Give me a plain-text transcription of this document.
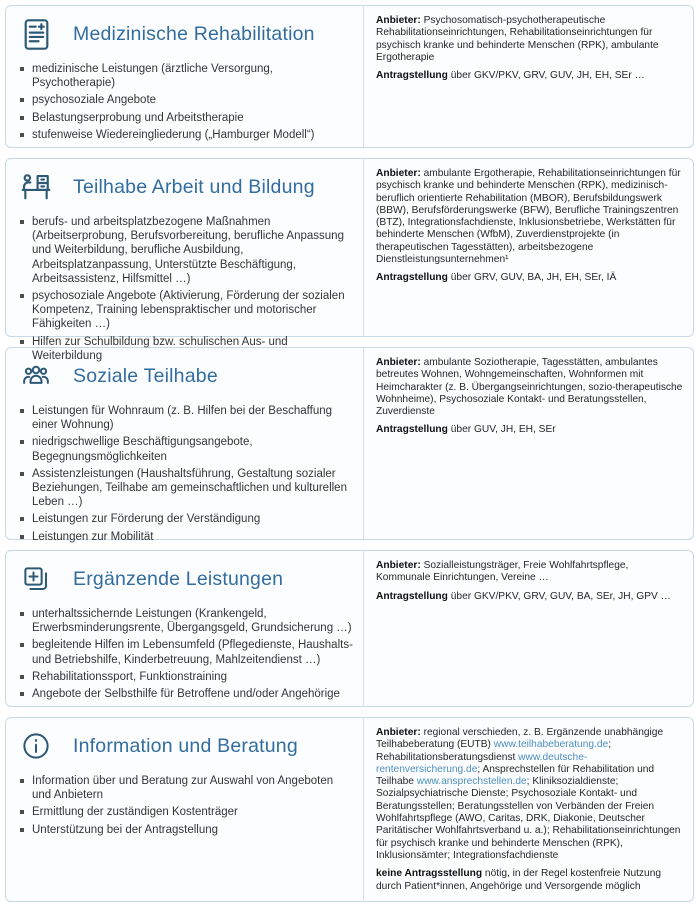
Medizinische Rehabilitation
medizinische Leistungen (ärztliche Versorgung, Psychotherapie)
psychosoziale Angebote
Belastungserprobung und Arbeitstherapie
stufenweise Wiedereingliederung („Hamburger Modell“)

Anbieter: Psychosomatisch-psychotherapeutische Rehabilitationseinrichtungen, Rehabilitationseinrichtungen für psychisch kranke und behinderte Menschen (RPK), ambulante Ergotherapie

Antragstellung über GKV/PKV, GRV, GUV, JH, EH, SEr …

Teilhabe Arbeit und Bildung
berufs- und arbeitsplatzbezogene Maßnahmen (Arbeitserprobung, Berufsvorbereitung, berufliche Anpassung und Weiterbildung, berufliche Ausbildung, Arbeitsplatzanpassung, Unterstützte Beschäftigung, Arbeitsassistenz, Hilfsmittel …)
psychosoziale Angebote (Aktivierung, Förderung der sozialen Kompetenz, Training lebenspraktischer und motorischer Fähigkeiten …)
Hilfen zur Schulbildung bzw. schulischen Aus- und Weiterbildung

Anbieter: ambulante Ergotherapie, Rehabilitationseinrichtungen für psychisch kranke und behinderte Menschen (RPK), medizinisch-beruflich orientierte Rehabilitation (MBOR), Berufsbildungswerk (BBW), Berufsförderungswerke (BFW), Berufliche Trainingszentren (BTZ), Integrationsfachdienste, Inklusionsbetriebe, Werkstätten für behinderte Menschen (WfbM), Zuverdienstprojekte (in therapeutischen Tagesstätten), arbeitsbezogene Dienstleistungsunternehmen¹

Antragstellung über GRV, GUV, BA, JH, EH, SEr, IÄ

Soziale Teilhabe
Leistungen für Wohnraum (z. B. Hilfen bei der Beschaffung einer Wohnung)
niedrigschwellige Beschäftigungsangebote, Begegnungsmöglichkeiten
Assistenzleistungen (Haushaltsführung, Gestaltung sozialer Beziehungen, Teilhabe am gemeinschaftlichen und kulturellen Leben …)
Leistungen zur Förderung der Verständigung
Leistungen zur Mobilität

Anbieter: ambulante Soziotherapie, Tagesstätten, ambulantes betreutes Wohnen, Wohngemeinschaften, Wohnformen mit Heimcharakter (z. B. Übergangseinrichtungen, sozio-therapeutische Wohnheime), Psychosoziale Kontakt- und Beratungsstellen, Zuverdienste

Antragstellung über GUV, JH, EH, SEr

Ergänzende Leistungen
unterhaltssichernde Leistungen (Krankengeld, Erwerbsminderungsrente, Übergangsgeld, Grundsicherung …)
begleitende Hilfen im Lebensumfeld (Pflegedienste, Haushalts- und Betriebshilfe, Kinderbetreuung, Mahlzeitendienst …)
Rehabilitationssport, Funktionstraining
Angebote der Selbsthilfe für Betroffene und/oder Angehörige

Anbieter: Sozialleistungsträger, Freie Wohlfahrtspflege, Kommunale Einrichtungen, Vereine …

Antragstellung über GKV/PKV, GRV, GUV, BA, SEr, JH, GPV …

Information und Beratung
Information über und Beratung zur Auswahl von Angeboten und Anbietern
Ermittlung der zuständigen Kostenträger
Unterstützung bei der Antragstellung

Anbieter: regional verschieden, z. B. Ergänzende unabhängige Teilhabeberatung (EUTB) www.teilhabeberatung.de; Rehabilitationsberatungsdienst www.deutsche-rentenversicherung.de; Ansprechstellen für Rehabilitation und Teilhabe www.ansprechstellen.de; Kliniksozialdienste; Sozialpsychiatrische Dienste; Psychosoziale Kontakt- und Beratungsstellen; Beratungsstellen von Verbänden der Freien Wohlfahrtspflege (AWO, Caritas, DRK, Diakonie, Deutscher Paritätischer Wohlfahrtsverband u. a.); Rehabilitationseinrichtungen für psychisch kranke und behinderte Menschen (RPK), Inklusionsämter; Integrationsfachdienste

keine Antragsstellung nötig, in der Regel kostenfreie Nutzung durch Patient*innen, Angehörige und Versorgende möglich
